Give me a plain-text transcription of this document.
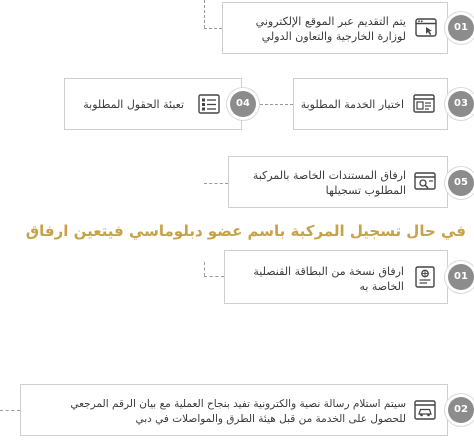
يتم التقديم عبر الموقع الإلكتروني
لوزارة الخارجية والتعاون الدولي
01
اختيار الخدمة المطلوبة	03
تعبئة الحقول المطلوبة	04
ارفاق المستندات الخاصة بالمركبة
المطلوب تسجيلها
05
في حال تسجيل المركبة باسم عضو دبلوماسي فيتعين ارفاق
ارفاق نسخة من البطاقة القنصلية
الخاصة به
01
سيتم استلام رسالة نصية والكترونية تفيد بنجاح العملية مع بيان الرقم المرجعي
للحصول على الخدمة من قبل هيئة الطرق والمواصلات في دبي
02
